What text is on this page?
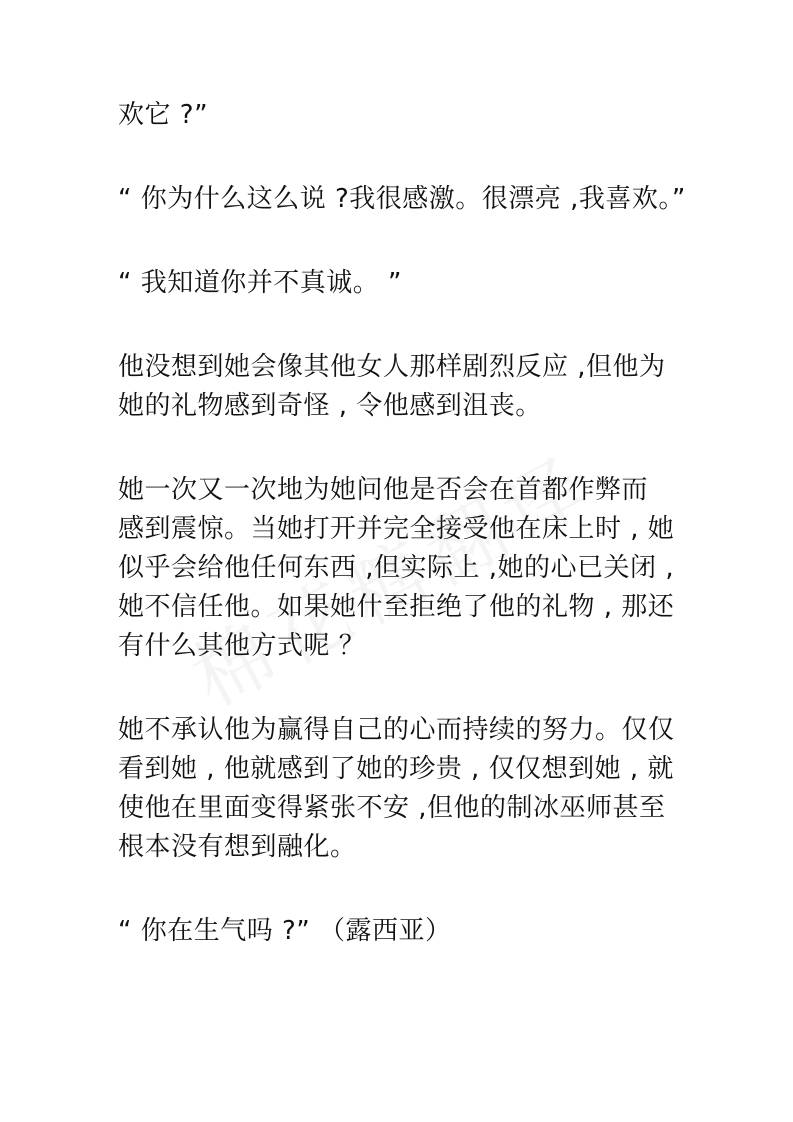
欢它 ?”
“ 你为什么这么说 ?我很感激。很漂亮 ,我喜欢。”
“ 我知道你并不真诚。 ”
他没想到她会像其他女人那样剧烈反应 ,但他为
她的礼物感到奇怪 , 令他感到沮丧。
她一次又一次地为她问他是否会在首都作弊而
感到震惊。当她打开并完全接受他在床上时 , 她
似乎会给他任何东西 ,但实际上 ,她的心已关闭 ,
她不信任他。如果她什至拒绝了他的礼物 , 那还
有什么其他方式呢 ？
她不承认他为赢得自己的心而持续的努力。仅仅
看到她 , 他就感到了她的珍贵 , 仅仅想到她 , 就
使他在里面变得紧张不安 ,但他的制冰巫师甚至
根本没有想到融化。
“ 你在生气吗 ?” （露西亚）
